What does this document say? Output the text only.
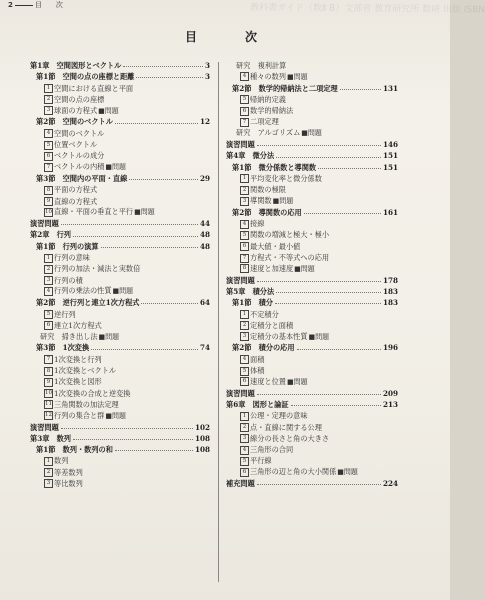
教科書ガイド（数Ⅱ B）文部省 教育研究所 数研 出版 ISBN
2	目　　次
目　次
第1章　空間図形とベクトル	3
第1節　空間の点の座標と距離	3
1 空間における直線と平面
2 空間の点の座標
3 球面の方程式■問題
第2節　空間のベクトル	12
4 空間のベクトル
5 位置ベクトル
6 ベクトルの成分
7 ベクトルの内積■問題
第3節　空間内の平面・直線	29
8 平面の方程式
9 直線の方程式
10 直線・平面の垂直と平行■問題
演習問題	44
第2章　行列	48
第1節　行列の演算	48
1 行列の意味
2 行列の加法・減法と実数倍
3 行列の積
4 行列の乗法の性質■問題
第2節　逆行列と連立1次方程式	64
5 逆行列
6 連立1次方程式
研究　掃き出し法■問題
第3節　1次変換	74
7 1次変換と行列
8 1次変換とベクトル
9 1次変換と図形
10 1次変換の合成と逆変換
11 三角関数の加法定理
12 行列の集合と群■問題
演習問題	102
第3章　数列	108
第1節　数列・数列の和	108
1 数列
2 等差数列
3 等比数列
研究　複利計算
4 種々の数列■問題
第2節　数学的帰納法と二項定理	131
5 帰納的定義
6 数学的帰納法
7 二項定理
研究　アルゴリズム■問題
演習問題	146
第4章　微分法	151
第1節　微分係数と導関数	151
1 平均変化率と微分係数
2 関数の極限
3 導関数■問題
第2節　導関数の応用	161
4 接線
5 関数の増減と極大・極小
6 最大値・最小値
7 方程式・不等式への応用
8 速度と加速度■問題
演習問題	178
第5章　積分法	183
第1節　積分	183
1 不定積分
2 定積分と面積
3 定積分の基本性質■問題
第2節　積分の応用	196
4 面積
5 体積
6 速度と位置■問題
演習問題	209
第6章　図形と論証	213
1 公理・定理の意味
2 点・直線に関する公理
3 線分の長さと角の大きさ
4 三角形の合同
5 平行線
6 三角形の辺と角の大小関係■問題
補充問題	224
